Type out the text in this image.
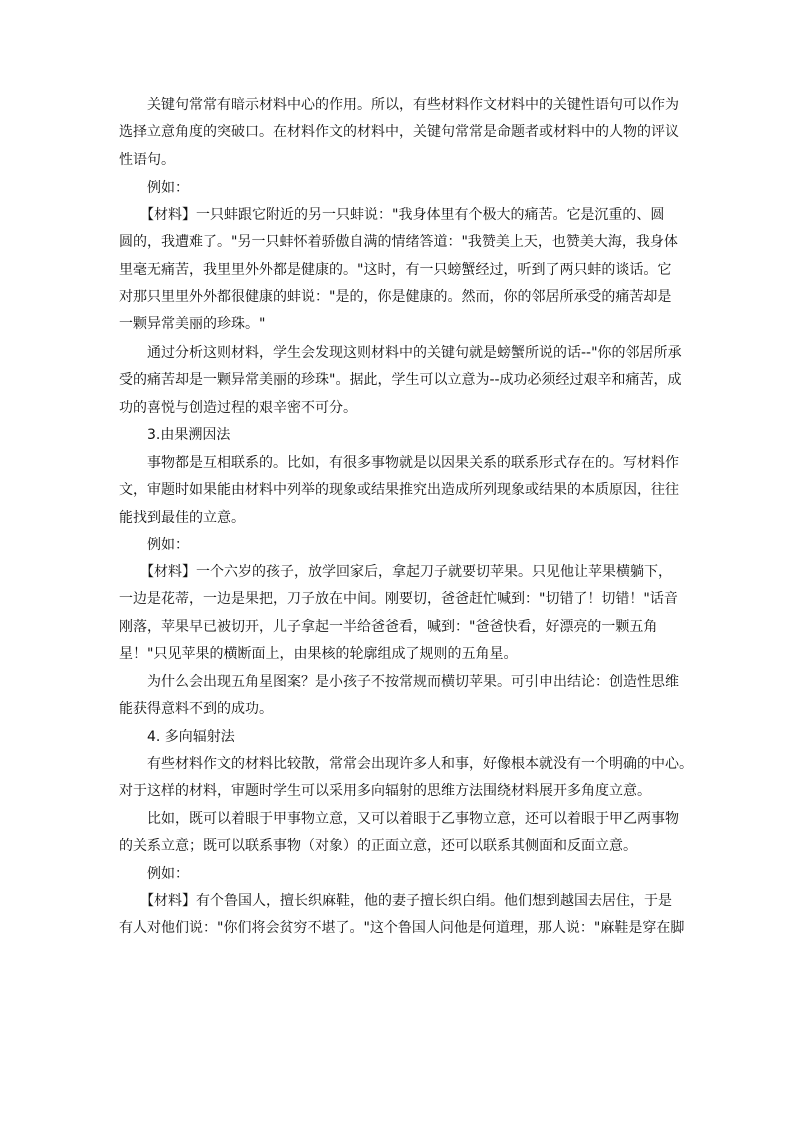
　　关键句常常有暗示材料中心的作用。所以，有些材料作文材料中的关键性语句可以作为
选择立意角度的突破口。在材料作文的材料中，关键句常常是命题者或材料中的人物的评议
性语句。
　　例如：
　　【材料】一只蚌跟它附近的另一只蚌说："我身体里有个极大的痛苦。它是沉重的、圆
圆的，我遭难了。"另一只蚌怀着骄傲自满的情绪答道："我赞美上天，也赞美大海，我身体
里毫无痛苦，我里里外外都是健康的。"这时，有一只螃蟹经过，听到了两只蚌的谈话。它
对那只里里外外都很健康的蚌说："是的，你是健康的。然而，你的邻居所承受的痛苦却是
一颗异常美丽的珍珠。"
　　通过分析这则材料，学生会发现这则材料中的关键句就是螃蟹所说的话--"你的邻居所承
受的痛苦却是一颗异常美丽的珍珠"。据此，学生可以立意为--成功必须经过艰辛和痛苦，成
功的喜悦与创造过程的艰辛密不可分。
　　3.由果溯因法
　　事物都是互相联系的。比如，有很多事物就是以因果关系的联系形式存在的。写材料作
文，审题时如果能由材料中列举的现象或结果推究出造成所列现象或结果的本质原因，往往
能找到最佳的立意。
　　例如：
　　【材料】一个六岁的孩子，放学回家后，拿起刀子就要切苹果。只见他让苹果横躺下，
一边是花蒂，一边是果把，刀子放在中间。刚要切，爸爸赶忙喊到："切错了！切错！"话音
刚落，苹果早已被切开，儿子拿起一半给爸爸看，喊到："爸爸快看，好漂亮的一颗五角
星！"只见苹果的横断面上，由果核的轮廓组成了规则的五角星。
　　为什么会出现五角星图案？是小孩子不按常规而横切苹果。可引申出结论：创造性思维
能获得意料不到的成功。
　　4. 多向辐射法
　　有些材料作文的材料比较散，常常会出现许多人和事，好像根本就没有一个明确的中心。
对于这样的材料，审题时学生可以采用多向辐射的思维方法围绕材料展开多角度立意。
　　比如，既可以着眼于甲事物立意，又可以着眼于乙事物立意，还可以着眼于甲乙两事物
的关系立意；既可以联系事物（对象）的正面立意，还可以联系其侧面和反面立意。
　　例如：
　　【材料】有个鲁国人，擅长织麻鞋，他的妻子擅长织白绢。他们想到越国去居住，于是
有人对他们说："你们将会贫穷不堪了。"这个鲁国人问他是何道理，那人说："麻鞋是穿在脚
